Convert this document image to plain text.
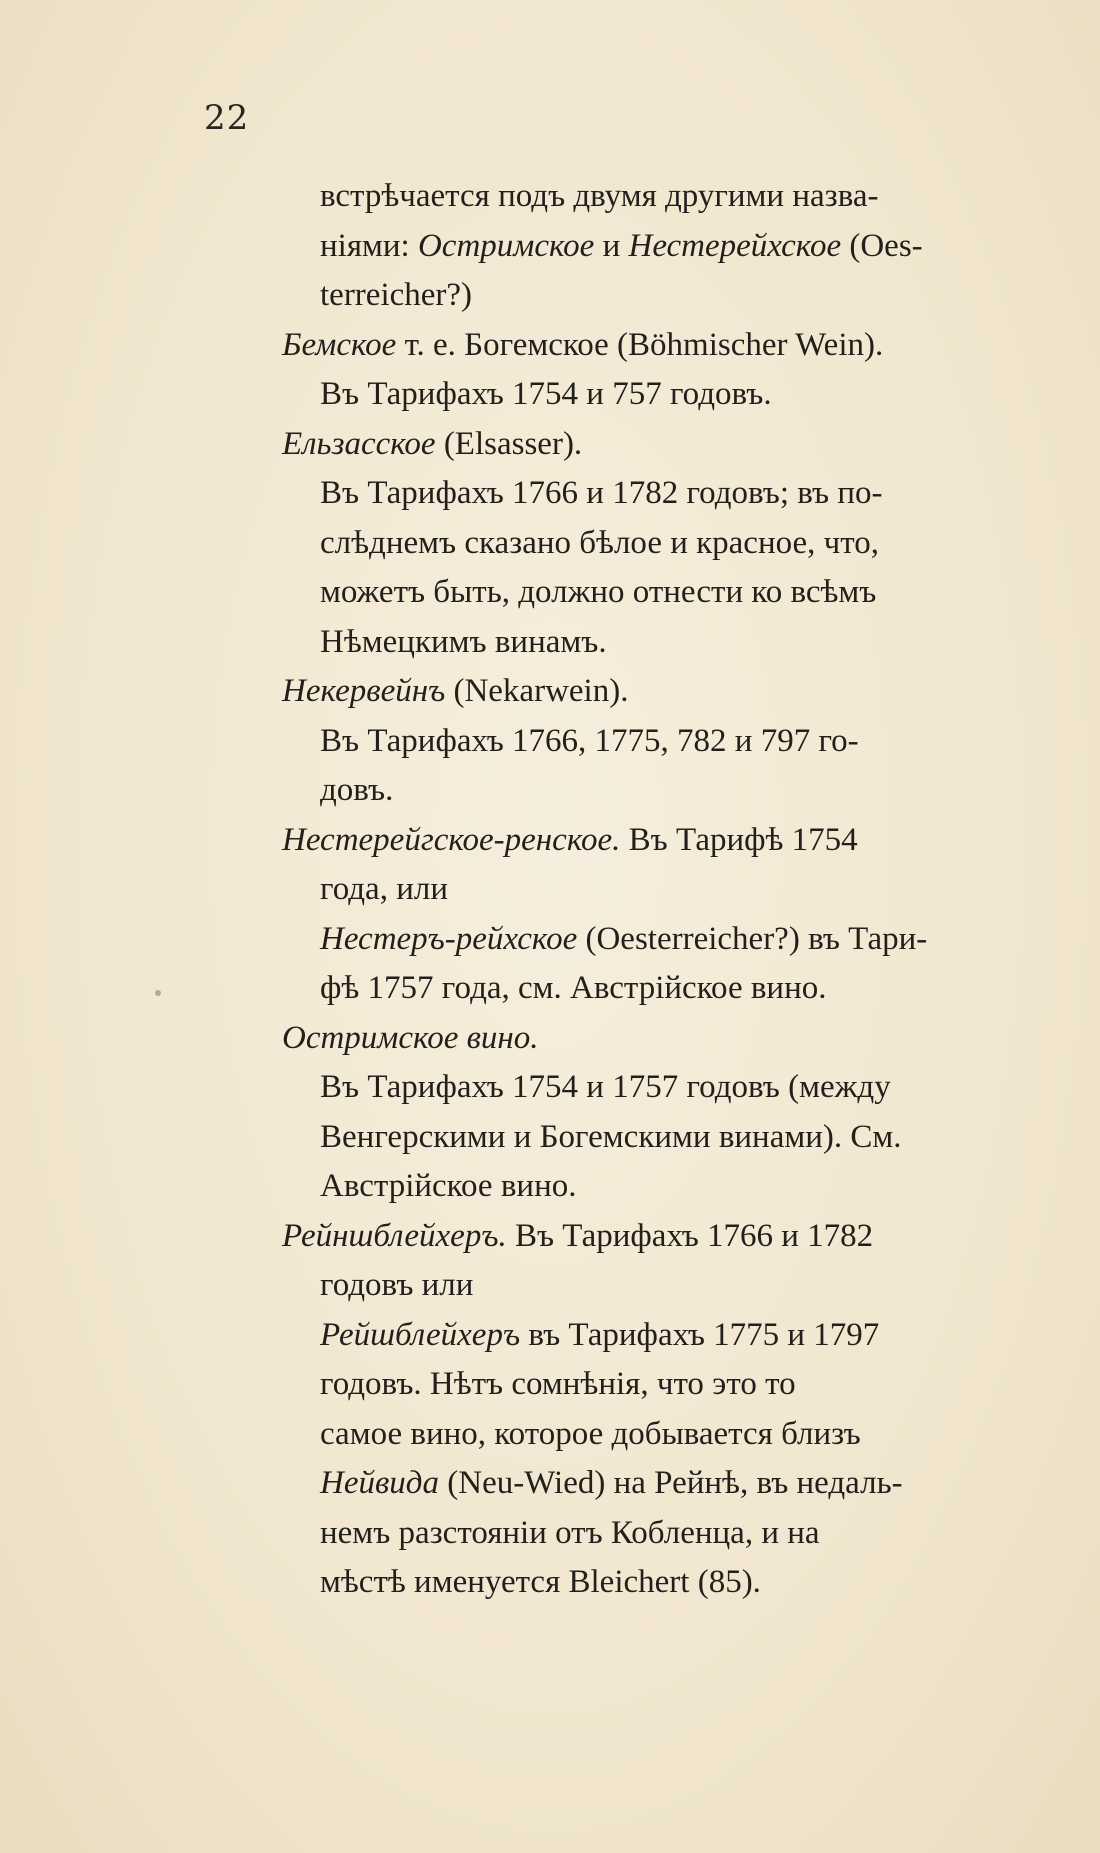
22
встрѣчается подъ двумя другими назва-
ніями: Остримское и Нестерейхское (Oes-
terreicher?)
Бемское т. е. Богемское (Böhmischer Wein).
Въ Тарифахъ 1754 и 757 годовъ.
Ельзасское (Elsasser).
Въ Тарифахъ 1766 и 1782 годовъ; въ по-
слѣднемъ сказано бѣлое и красное, что,
можетъ быть, должно отнести ко всѣмъ
Нѣмецкимъ винамъ.
Некервейнъ (Nekarwein).
Въ Тарифахъ 1766, 1775, 782 и 797 го-
довъ.
Нестерейгское-ренское. Въ Тарифѣ 1754
года, или
Нестеръ-рейхское (Oesterreicher?) въ Тари-
фѣ 1757 года, см. Австрійское вино.
Остримское вино.
Въ Тарифахъ 1754 и 1757 годовъ (между
Венгерскими и Богемскими винами). См.
Австрійское вино.
Рейншблейхеръ. Въ Тарифахъ 1766 и 1782
годовъ или
Рейшблейхеръ въ Тарифахъ 1775 и 1797
годовъ. Нѣтъ сомнѣнія, что это то
самое вино, которое добывается близъ
Нейвида (Neu-Wied) на Рейнѣ, въ недаль-
немъ разстояніи отъ Кобленца, и на
мѣстѣ именуется Bleichert (85).
